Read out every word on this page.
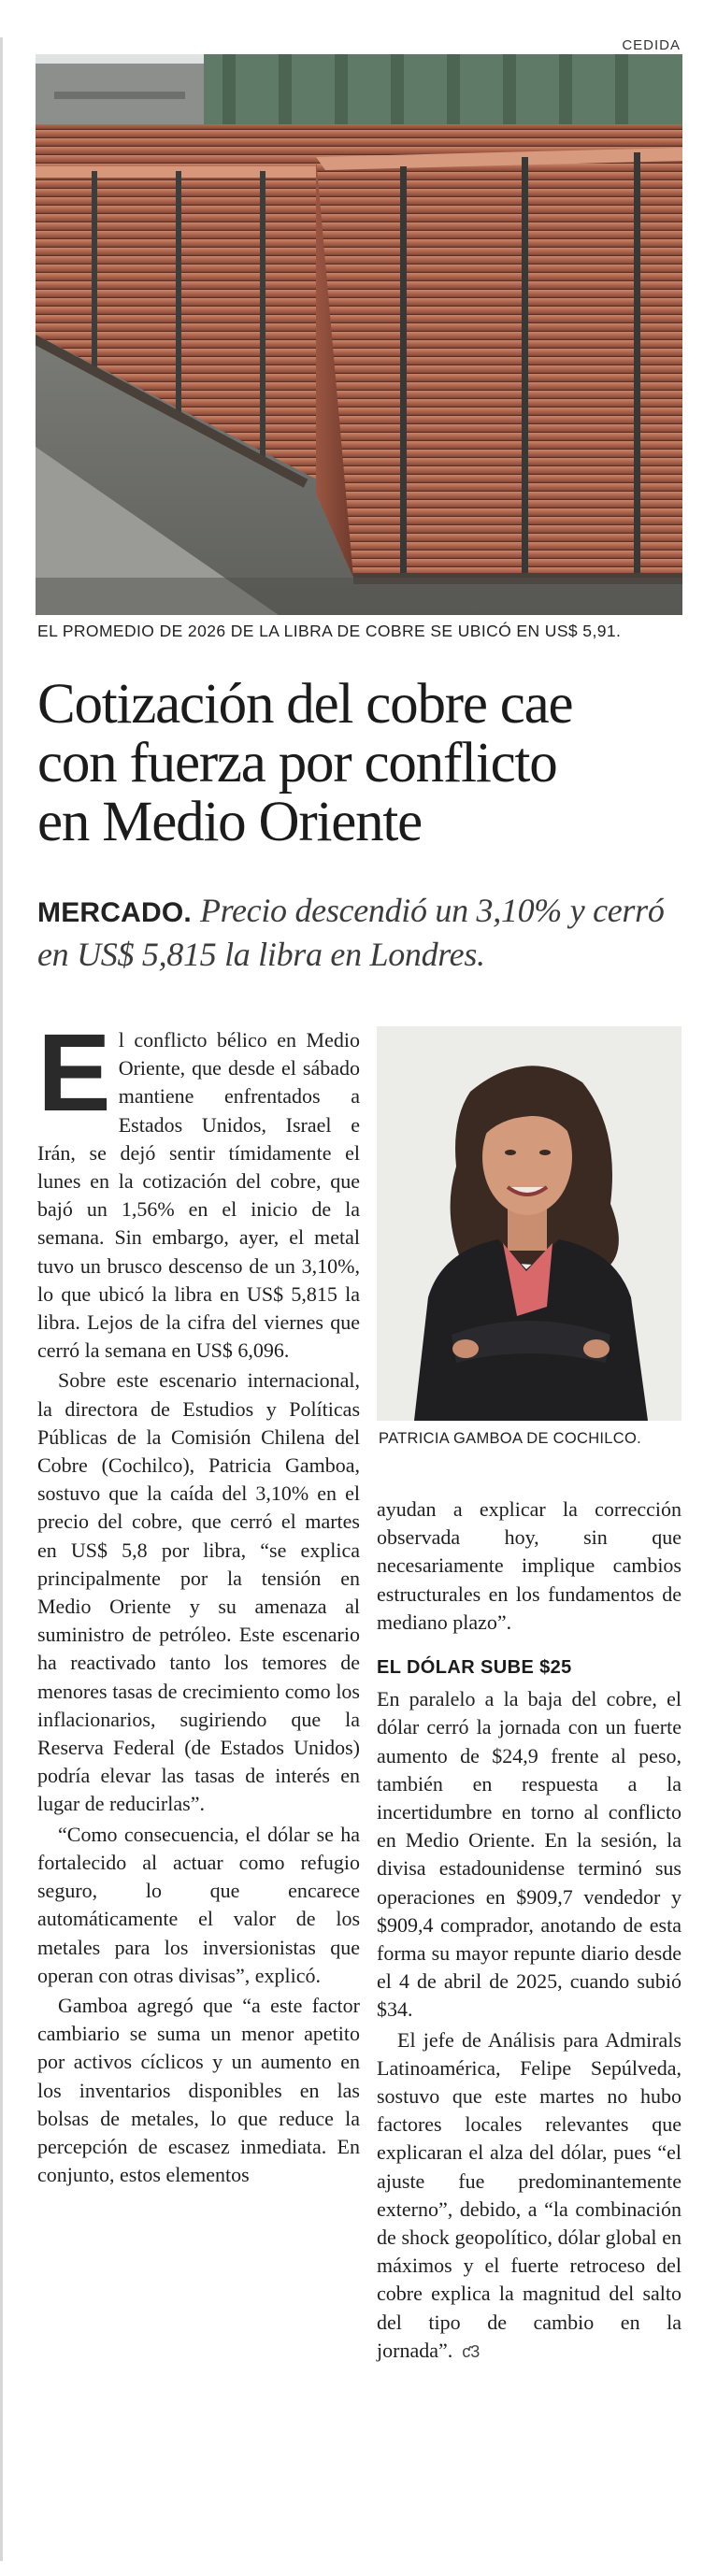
CEDIDA
EL PROMEDIO DE 2026 DE LA LIBRA DE COBRE SE UBICÓ EN US$ 5,91.
Cotización del cobre cae
con fuerza por conflicto
en Medio Oriente
MERCADO. Precio descendió un 3,10% y cerró en US$ 5,815 la libra en Londres.

El conflicto bélico en Medio Oriente, que desde el sábado mantiene enfrentados a Estados Unidos, Israel e Irán, se dejó sentir tímidamente el lunes en la cotización del cobre, que bajó un 1,56% en el inicio de la semana. Sin embargo, ayer, el metal tuvo un brusco descenso de un 3,10%, lo que ubicó la libra en US$ 5,815 la libra. Lejos de la cifra del viernes que cerró la semana en US$ 6,096.

Sobre este escenario internacional, la directora de Estudios y Políticas Públicas de la Comisión Chilena del Cobre (Cochilco), Patricia Gamboa, sostuvo que la caída del 3,10% en el precio del cobre, que cerró el martes en US$ 5,8 por libra, “se explica principalmente por la tensión en Medio Oriente y su amenaza al suministro de petróleo. Este escenario ha reactivado tanto los temores de menores tasas de crecimiento como los inflacionarios, sugiriendo que la Reserva Federal (de Estados Unidos) podría elevar las tasas de interés en lugar de reducirlas”.

“Como consecuencia, el dólar se ha fortalecido al actuar como refugio seguro, lo que encarece automáticamente el valor de los metales para los inversionistas que operan con otras divisas”, explicó.

Gamboa agregó que “a este factor cambiario se suma un menor apetito por activos cíclicos y un aumento en los inventarios disponibles en las bolsas de metales, lo que reduce la percepción de escasez inmediata. En conjunto, estos elementos

PATRICIA GAMBOA DE COCHILCO.

ayudan a explicar la corrección observada hoy, sin que necesariamente implique cambios estructurales en los fundamentos de mediano plazo”.

EL DÓLAR SUBE $25

En paralelo a la baja del cobre, el dólar cerró la jornada con un fuerte aumento de $24,9 frente al peso, también en respuesta a la incertidumbre en torno al conflicto en Medio Oriente. En la sesión, la divisa estadounidense terminó sus operaciones en $909,7 vendedor y $909,4 comprador, anotando de esta forma su mayor repunte diario desde el 4 de abril de 2025, cuando subió $34.

El jefe de Análisis para Admirals Latinoamérica, Felipe Sepúlveda, sostuvo que este martes no hubo factores locales relevantes que explicaran el alza del dólar, pues “el ajuste fue predominantemente externo”, debido, a “la combinación de shock geopolítico, dólar global en máximos y el fuerte retroceso del cobre explica la magnitud del salto del tipo de cambio en la jornada”. ƈ3
